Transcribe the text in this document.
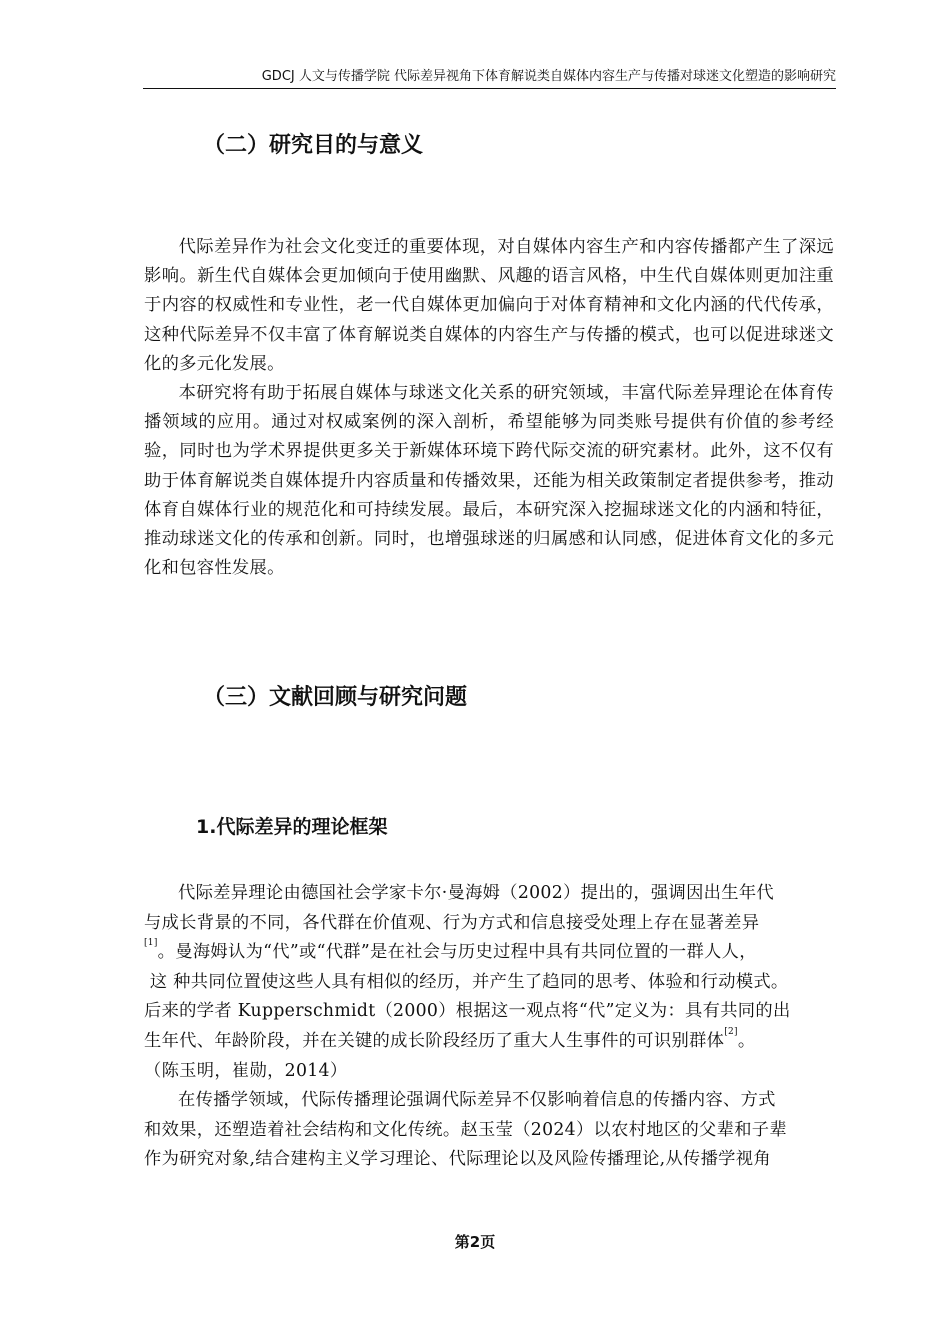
GDCJ 人文与传播学院 代际差异视角下体育解说类自媒体内容生产与传播对球迷文化塑造的影响研究
（二）研究目的与意义

代际差异作为社会文化变迁的重要体现，对自媒体内容生产和内容传播都产生了深远影响。新生代自媒体会更加倾向于使用幽默、风趣的语言风格，中生代自媒体则更加注重于内容的权威性和专业性，老一代自媒体更加偏向于对体育精神和文化内涵的代代传承，这种代际差异不仅丰富了体育解说类自媒体的内容生产与传播的模式，也可以促进球迷文化的多元化发展。

本研究将有助于拓展自媒体与球迷文化关系的研究领域，丰富代际差异理论在体育传播领域的应用。通过对权威案例的深入剖析，希望能够为同类账号提供有价值的参考经验，同时也为学术界提供更多关于新媒体环境下跨代际交流的研究素材。此外，这不仅有助于体育解说类自媒体提升内容质量和传播效果，还能为相关政策制定者提供参考，推动体育自媒体行业的规范化和可持续发展。最后，本研究深入挖掘球迷文化的内涵和特征，推动球迷文化的传承和创新。同时，也增强球迷的归属感和认同感，促进体育文化的多元化和包容性发展。

（三）文献回顾与研究问题
1.代际差异的理论框架
代际差异理论由德国社会学家卡尔·曼海姆（2002）提出的，强调因出生年代
与成长背景的不同，各代群在价值观、行为方式和信息接受处理上存在显著差异
[1]。曼海姆认为“代”或“代群”是在社会与历史过程中具有共同位置的一群人人，
这 种共同位置使这些人具有相似的经历，并产生了趋同的思考、体验和行动模式。
后来的学者 Kupperschmidt（2000）根据这一观点将“代”定义为：具有共同的出
生年代、年龄阶段，并在关键的成长阶段经历了重大人生事件的可识别群体[2]。
（陈玉明，崔勋，2014）
在传播学领域，代际传播理论强调代际差异不仅影响着信息的传播内容、方式
和效果，还塑造着社会结构和文化传统。赵玉莹（2024）以农村地区的父辈和子辈
作为研究对象,结合建构主义学习理论、代际理论以及风险传播理论,从传播学视角
第2页
